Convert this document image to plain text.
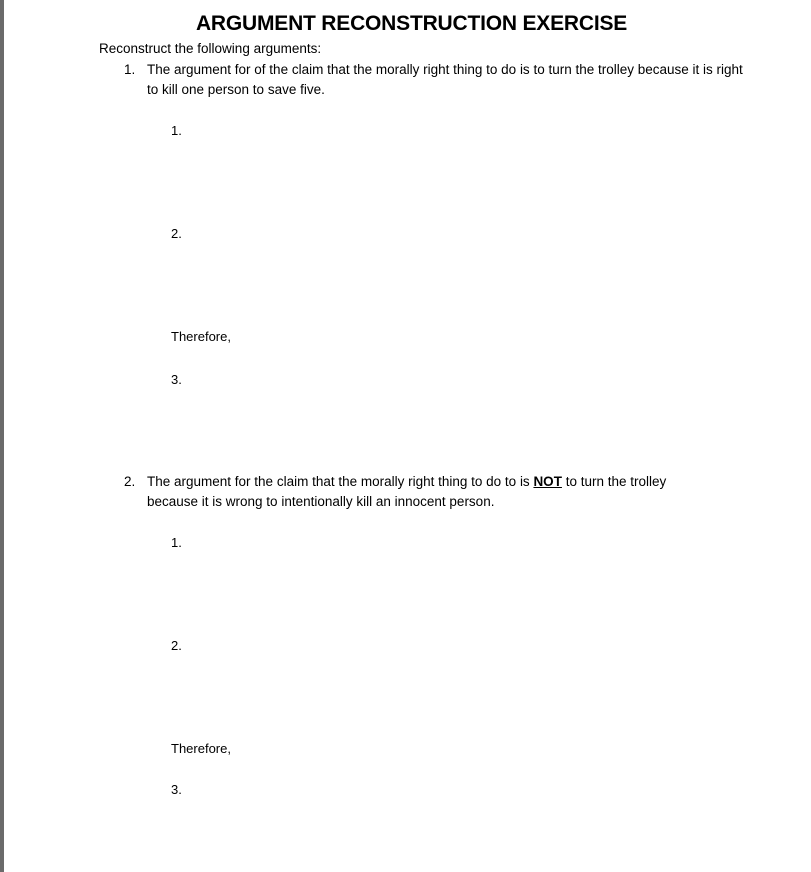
ARGUMENT RECONSTRUCTION EXERCISE

Reconstruct the following arguments:

1. The argument for of the claim that the morally right thing to do is to turn the trolley because it is right to kill one person to save five.
1.
2.
Therefore,
3.
2. The argument for the claim that the morally right thing to do to is NOT to turn the trolley because it is wrong to intentionally kill an innocent person.
1.
2.
Therefore,
3.
